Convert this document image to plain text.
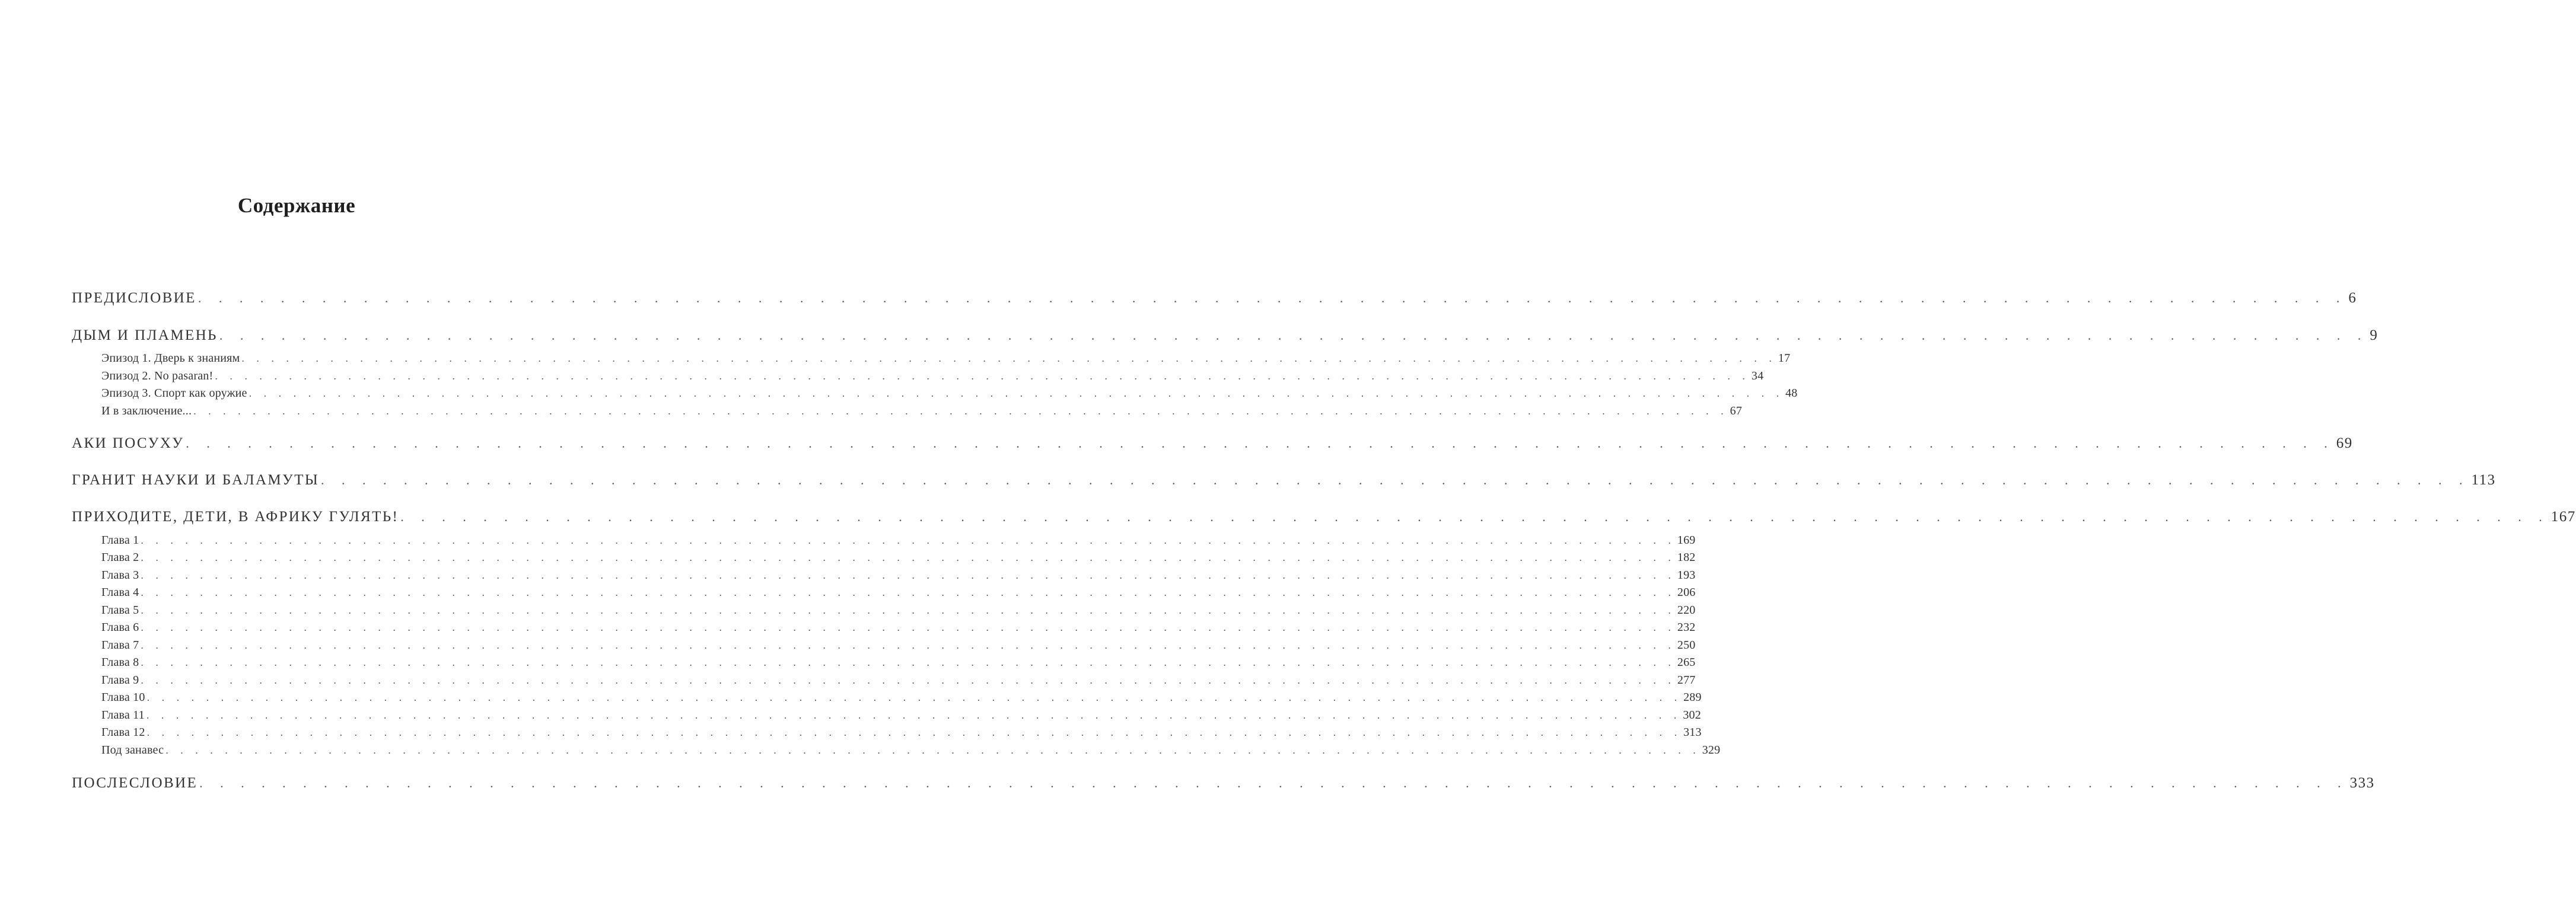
Содержание
ПРЕДИСЛОВИЕ . . . . . . . . . . . . . . . . . . . . . . . . . . . . . . . . . . . . . . . . . . . . . . . . . . . . . . . . . . . . . . . . . . . . . . . . . . . . . . . . . . . . . . . . . . . . . . . . . . . . . . . . 6
ДЫМ И ПЛАМЕНЬ . . . . . . . . . . . . . . . . . . . . . . . . . . . . . . . . . . . . . . . . . . . . . . . . . . . . . . . . . . . . . . . . . . . . . . . . . . . . . . . . . . . . . . . . . . . . . . . . . . . . . . . . 9
Эпизод 1. Дверь к знаниям . . . . . . . . . . . . . . . . . . . . . . . . . . . . . . . . . . . . . . . . . . . . . . . . . . . . . . . . . . . . . . . . . . . . . . . . . . . . . . . . . . . . . . . . . . . . . . . . . . . . . . . . 17
Эпизод 2. No pasaran! . . . . . . . . . . . . . . . . . . . . . . . . . . . . . . . . . . . . . . . . . . . . . . . . . . . . . . . . . . . . . . . . . . . . . . . . . . . . . . . . . . . . . . . . . . . . . . . . . . . . . . . . 34
Эпизод 3. Спорт как оружие . . . . . . . . . . . . . . . . . . . . . . . . . . . . . . . . . . . . . . . . . . . . . . . . . . . . . . . . . . . . . . . . . . . . . . . . . . . . . . . . . . . . . . . . . . . . . . . . . . . . . . . . 48
И в заключение... . . . . . . . . . . . . . . . . . . . . . . . . . . . . . . . . . . . . . . . . . . . . . . . . . . . . . . . . . . . . . . . . . . . . . . . . . . . . . . . . . . . . . . . . . . . . . . . . . . . . . . . . 67
АКИ ПОСУХУ . . . . . . . . . . . . . . . . . . . . . . . . . . . . . . . . . . . . . . . . . . . . . . . . . . . . . . . . . . . . . . . . . . . . . . . . . . . . . . . . . . . . . . . . . . . . . . . . . . . . . . . . 69
ГРАНИТ НАУКИ И БАЛАМУТЫ . . . . . . . . . . . . . . . . . . . . . . . . . . . . . . . . . . . . . . . . . . . . . . . . . . . . . . . . . . . . . . . . . . . . . . . . . . . . . . . . . . . . . . . . . . . . . . . . . . . . . . . . 113
ПРИХОДИТЕ, ДЕТИ, В АФРИКУ ГУЛЯТЬ! . . . . . . . . . . . . . . . . . . . . . . . . . . . . . . . . . . . . . . . . . . . . . . . . . . . . . . . . . . . . . . . . . . . . . . . . . . . . . . . . . . . . . . . . . . . . . . . . . . . . . . . . 167
Глава 1 . . . . . . . . . . . . . . . . . . . . . . . . . . . . . . . . . . . . . . . . . . . . . . . . . . . . . . . . . . . . . . . . . . . . . . . . . . . . . . . . . . . . . . . . . . . . . . . . . . . . . . . . 169
Глава 2 . . . . . . . . . . . . . . . . . . . . . . . . . . . . . . . . . . . . . . . . . . . . . . . . . . . . . . . . . . . . . . . . . . . . . . . . . . . . . . . . . . . . . . . . . . . . . . . . . . . . . . . . 182
Глава 3 . . . . . . . . . . . . . . . . . . . . . . . . . . . . . . . . . . . . . . . . . . . . . . . . . . . . . . . . . . . . . . . . . . . . . . . . . . . . . . . . . . . . . . . . . . . . . . . . . . . . . . . . 193
Глава 4 . . . . . . . . . . . . . . . . . . . . . . . . . . . . . . . . . . . . . . . . . . . . . . . . . . . . . . . . . . . . . . . . . . . . . . . . . . . . . . . . . . . . . . . . . . . . . . . . . . . . . . . . 206
Глава 5 . . . . . . . . . . . . . . . . . . . . . . . . . . . . . . . . . . . . . . . . . . . . . . . . . . . . . . . . . . . . . . . . . . . . . . . . . . . . . . . . . . . . . . . . . . . . . . . . . . . . . . . . 220
Глава 6 . . . . . . . . . . . . . . . . . . . . . . . . . . . . . . . . . . . . . . . . . . . . . . . . . . . . . . . . . . . . . . . . . . . . . . . . . . . . . . . . . . . . . . . . . . . . . . . . . . . . . . . . 232
Глава 7 . . . . . . . . . . . . . . . . . . . . . . . . . . . . . . . . . . . . . . . . . . . . . . . . . . . . . . . . . . . . . . . . . . . . . . . . . . . . . . . . . . . . . . . . . . . . . . . . . . . . . . . . 250
Глава 8 . . . . . . . . . . . . . . . . . . . . . . . . . . . . . . . . . . . . . . . . . . . . . . . . . . . . . . . . . . . . . . . . . . . . . . . . . . . . . . . . . . . . . . . . . . . . . . . . . . . . . . . . 265
Глава 9 . . . . . . . . . . . . . . . . . . . . . . . . . . . . . . . . . . . . . . . . . . . . . . . . . . . . . . . . . . . . . . . . . . . . . . . . . . . . . . . . . . . . . . . . . . . . . . . . . . . . . . . . 277
Глава 10 . . . . . . . . . . . . . . . . . . . . . . . . . . . . . . . . . . . . . . . . . . . . . . . . . . . . . . . . . . . . . . . . . . . . . . . . . . . . . . . . . . . . . . . . . . . . . . . . . . . . . . . . 289
Глава 11 . . . . . . . . . . . . . . . . . . . . . . . . . . . . . . . . . . . . . . . . . . . . . . . . . . . . . . . . . . . . . . . . . . . . . . . . . . . . . . . . . . . . . . . . . . . . . . . . . . . . . . . . 302
Глава 12 . . . . . . . . . . . . . . . . . . . . . . . . . . . . . . . . . . . . . . . . . . . . . . . . . . . . . . . . . . . . . . . . . . . . . . . . . . . . . . . . . . . . . . . . . . . . . . . . . . . . . . . . 313
Под занавес . . . . . . . . . . . . . . . . . . . . . . . . . . . . . . . . . . . . . . . . . . . . . . . . . . . . . . . . . . . . . . . . . . . . . . . . . . . . . . . . . . . . . . . . . . . . . . . . . . . . . . . . 329
ПОСЛЕСЛОВИЕ . . . . . . . . . . . . . . . . . . . . . . . . . . . . . . . . . . . . . . . . . . . . . . . . . . . . . . . . . . . . . . . . . . . . . . . . . . . . . . . . . . . . . . . . . . . . . . . . . . . . . . . . 333
